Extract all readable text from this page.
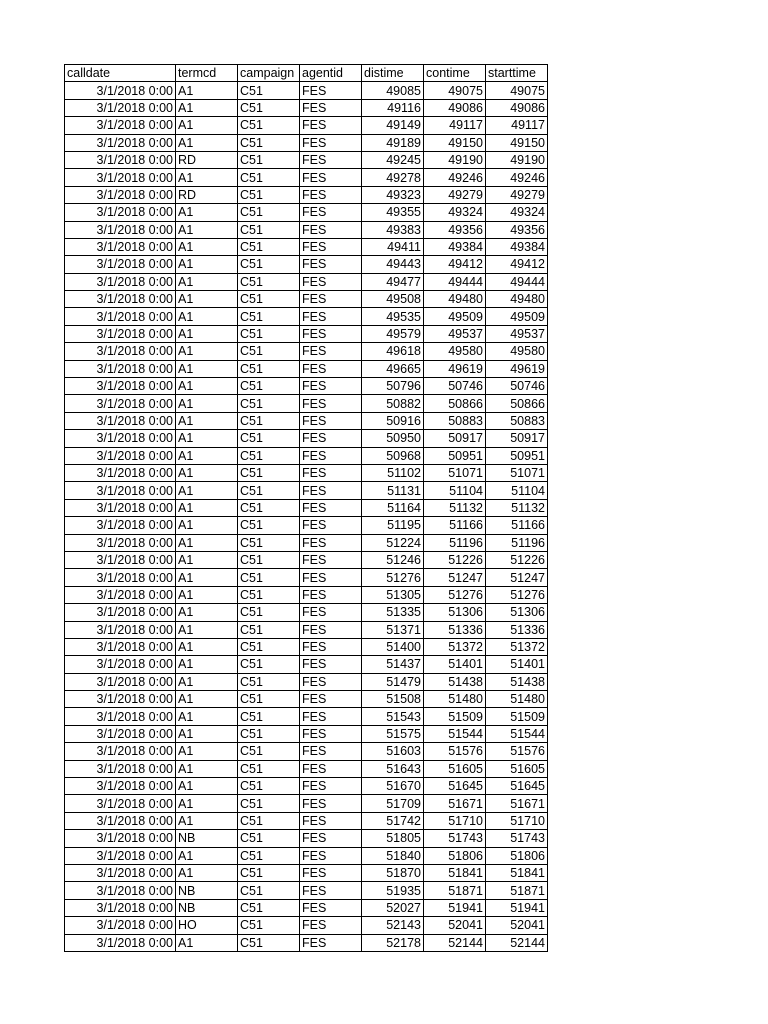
calldate	termcd	campaign	agentid	distime	contime	starttime
3/1/2018 0:00	A1	C51	FES	49085	49075	49075
3/1/2018 0:00	A1	C51	FES	49116	49086	49086
3/1/2018 0:00	A1	C51	FES	49149	49117	49117
3/1/2018 0:00	A1	C51	FES	49189	49150	49150
3/1/2018 0:00	RD	C51	FES	49245	49190	49190
3/1/2018 0:00	A1	C51	FES	49278	49246	49246
3/1/2018 0:00	RD	C51	FES	49323	49279	49279
3/1/2018 0:00	A1	C51	FES	49355	49324	49324
3/1/2018 0:00	A1	C51	FES	49383	49356	49356
3/1/2018 0:00	A1	C51	FES	49411	49384	49384
3/1/2018 0:00	A1	C51	FES	49443	49412	49412
3/1/2018 0:00	A1	C51	FES	49477	49444	49444
3/1/2018 0:00	A1	C51	FES	49508	49480	49480
3/1/2018 0:00	A1	C51	FES	49535	49509	49509
3/1/2018 0:00	A1	C51	FES	49579	49537	49537
3/1/2018 0:00	A1	C51	FES	49618	49580	49580
3/1/2018 0:00	A1	C51	FES	49665	49619	49619
3/1/2018 0:00	A1	C51	FES	50796	50746	50746
3/1/2018 0:00	A1	C51	FES	50882	50866	50866
3/1/2018 0:00	A1	C51	FES	50916	50883	50883
3/1/2018 0:00	A1	C51	FES	50950	50917	50917
3/1/2018 0:00	A1	C51	FES	50968	50951	50951
3/1/2018 0:00	A1	C51	FES	51102	51071	51071
3/1/2018 0:00	A1	C51	FES	51131	51104	51104
3/1/2018 0:00	A1	C51	FES	51164	51132	51132
3/1/2018 0:00	A1	C51	FES	51195	51166	51166
3/1/2018 0:00	A1	C51	FES	51224	51196	51196
3/1/2018 0:00	A1	C51	FES	51246	51226	51226
3/1/2018 0:00	A1	C51	FES	51276	51247	51247
3/1/2018 0:00	A1	C51	FES	51305	51276	51276
3/1/2018 0:00	A1	C51	FES	51335	51306	51306
3/1/2018 0:00	A1	C51	FES	51371	51336	51336
3/1/2018 0:00	A1	C51	FES	51400	51372	51372
3/1/2018 0:00	A1	C51	FES	51437	51401	51401
3/1/2018 0:00	A1	C51	FES	51479	51438	51438
3/1/2018 0:00	A1	C51	FES	51508	51480	51480
3/1/2018 0:00	A1	C51	FES	51543	51509	51509
3/1/2018 0:00	A1	C51	FES	51575	51544	51544
3/1/2018 0:00	A1	C51	FES	51603	51576	51576
3/1/2018 0:00	A1	C51	FES	51643	51605	51605
3/1/2018 0:00	A1	C51	FES	51670	51645	51645
3/1/2018 0:00	A1	C51	FES	51709	51671	51671
3/1/2018 0:00	A1	C51	FES	51742	51710	51710
3/1/2018 0:00	NB	C51	FES	51805	51743	51743
3/1/2018 0:00	A1	C51	FES	51840	51806	51806
3/1/2018 0:00	A1	C51	FES	51870	51841	51841
3/1/2018 0:00	NB	C51	FES	51935	51871	51871
3/1/2018 0:00	NB	C51	FES	52027	51941	51941
3/1/2018 0:00	HO	C51	FES	52143	52041	52041
3/1/2018 0:00	A1	C51	FES	52178	52144	52144
